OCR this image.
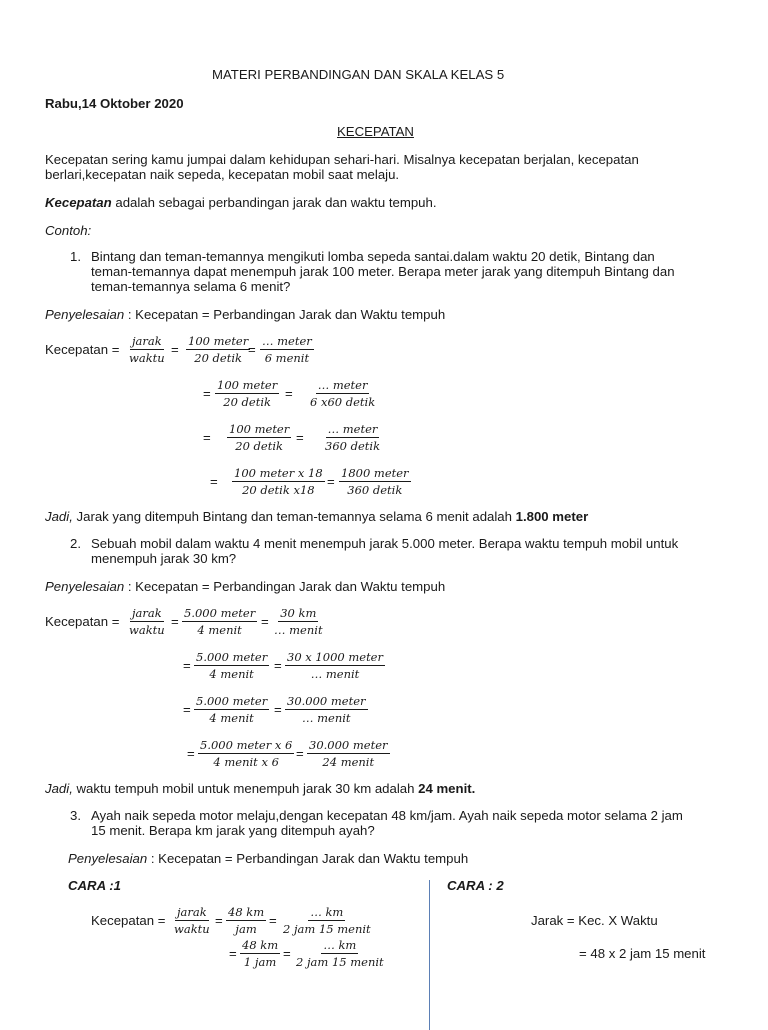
MATERI PERBANDINGAN DAN SKALA KELAS 5
Rabu,14 Oktober 2020
KECEPATAN
Kecepatan sering kamu jumpai dalam kehidupan sehari-hari. Misalnya kecepatan berjalan, kecepatan
berlari,kecepatan naik sepeda, kecepatan mobil saat melaju.
Kecepatan adalah sebagai perbandingan jarak dan waktu tempuh.
Contoh:
1. Bintang dan teman-temannya mengikuti lomba sepeda santai.dalam waktu 20 detik, Bintang dan
teman-temannya dapat menempuh jarak 100 meter. Berapa meter jarak yang ditempuh Bintang dan
teman-temannya selama 6 menit?
Penyelesaian : Kecepatan = Perbandingan Jarak dan Waktu tempuh
Kecepatan =
jarak
waktu
=
100 meter
20 detik
=
… meter
6 menit
=
100 meter
20 detik
=
… meter
6 x60 detik
=
100 meter
20 detik
=
… meter
360 detik
=
100 meter x 18
20 detik x18
=
1800 meter
360 detik
Jadi, Jarak yang ditempuh Bintang dan teman-temannya selama 6 menit adalah 1.800 meter
2. Sebuah mobil dalam waktu 4 menit menempuh jarak 5.000 meter. Berapa waktu tempuh mobil untuk
menempuh jarak 30 km?
Penyelesaian : Kecepatan = Perbandingan Jarak dan Waktu tempuh
Kecepatan =
jarak
waktu
=
5.000 meter
4 menit
=
30 km
… menit
=
5.000 meter
4 menit
=
30 x 1000 meter
… menit
=
5.000 meter
4 menit
=
30.000 meter
… menit
=
5.000 meter x 6
4 menit x 6
=
30.000 meter
24 menit
Jadi, waktu tempuh mobil untuk menempuh jarak 30 km adalah 24 menit.
3. Ayah naik sepeda motor melaju,dengan kecepatan 48 km/jam. Ayah naik sepeda motor selama 2 jam
15 menit. Berapa km jarak yang ditempuh ayah?
Penyelesaian : Kecepatan = Perbandingan Jarak dan Waktu tempuh
CARA :1	CARA : 2
Kecepatan =
jarak
waktu
=
48 km
jam
=
… km
2 jam 15 menit
=
48 km
1 jam
=
… km
2 jam 15 menit
Jarak = Kec. X Waktu
= 48 x 2 jam 15 menit
